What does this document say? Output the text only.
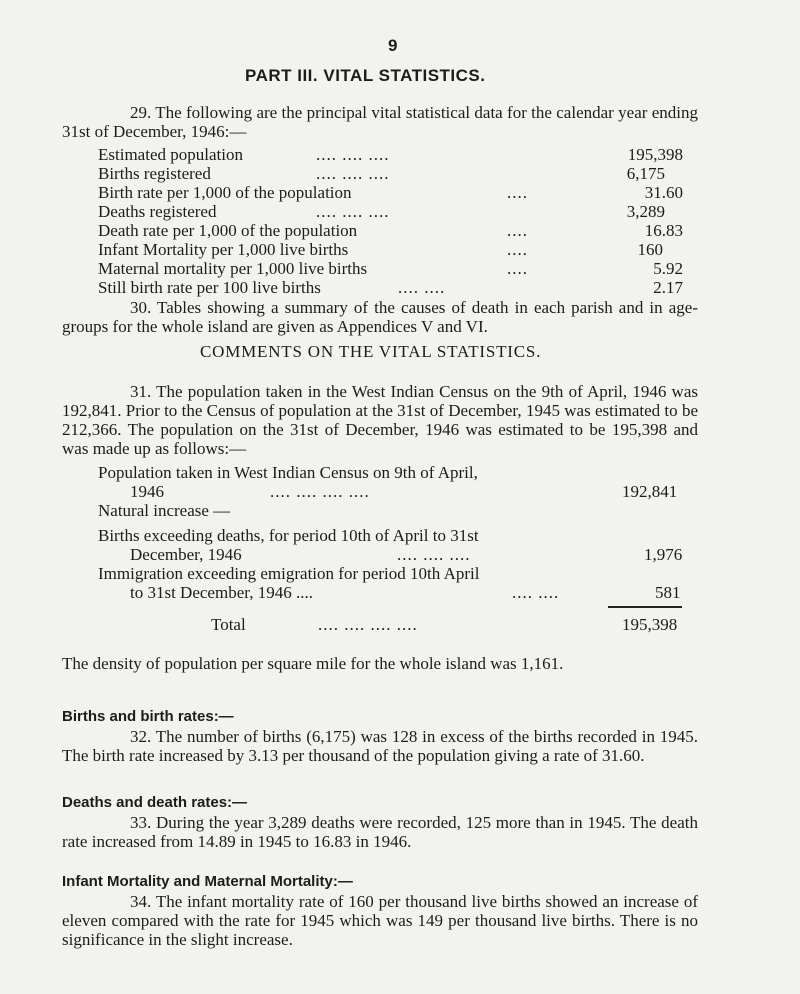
9
PART III. VITAL STATISTICS.
29. The following are the principal vital statistical data for the calendar year ending 31st of December, 1946:—
Estimated population	.... .... ....	195,398
Births registered	.... .... ....	6,175
Birth rate per 1,000 of the population	....	31.60
Deaths registered	.... .... ....	3,289
Death rate per 1,000 of the population	....	16.83
Infant Mortality per 1,000 live births	....	160
Maternal mortality per 1,000 live births	....	5.92
Still birth rate per 100 live births	.... ....	2.17
30. Tables showing a summary of the causes of death in each parish and in age-groups for the whole island are given as Appendices V and VI.
COMMENTS ON THE VITAL STATISTICS.
31. The population taken in the West Indian Census on the 9th of April, 1946 was 192,841. Prior to the Census of population at the 31st of December, 1945 was estimated to be 212,366. The population on the 31st of December, 1946 was estimated to be 195,398 and was made up as follows:—
Population taken in West Indian Census on 9th of April,
1946	.... .... .... ....	192,841
Natural increase —
Births exceeding deaths, for period 10th of April to 31st
December, 1946	.... .... ....	1,976
Immigration exceeding emigration for period 10th April
to 31st December, 1946 ....	.... ....	581
Total	.... .... .... ....	195,398
The density of population per square mile for the whole island was 1,161.
Births and birth rates:—
32. The number of births (6,175) was 128 in excess of the births recorded in 1945. The birth rate increased by 3.13 per thousand of the population giving a rate of 31.60.
Deaths and death rates:—
33. During the year 3,289 deaths were recorded, 125 more than in 1945. The death rate increased from 14.89 in 1945 to 16.83 in 1946.
Infant Mortality and Maternal Mortality:—
34. The infant mortality rate of 160 per thousand live births showed an increase of eleven compared with the rate for 1945 which was 149 per thousand live births. There is no significance in the slight increase.
